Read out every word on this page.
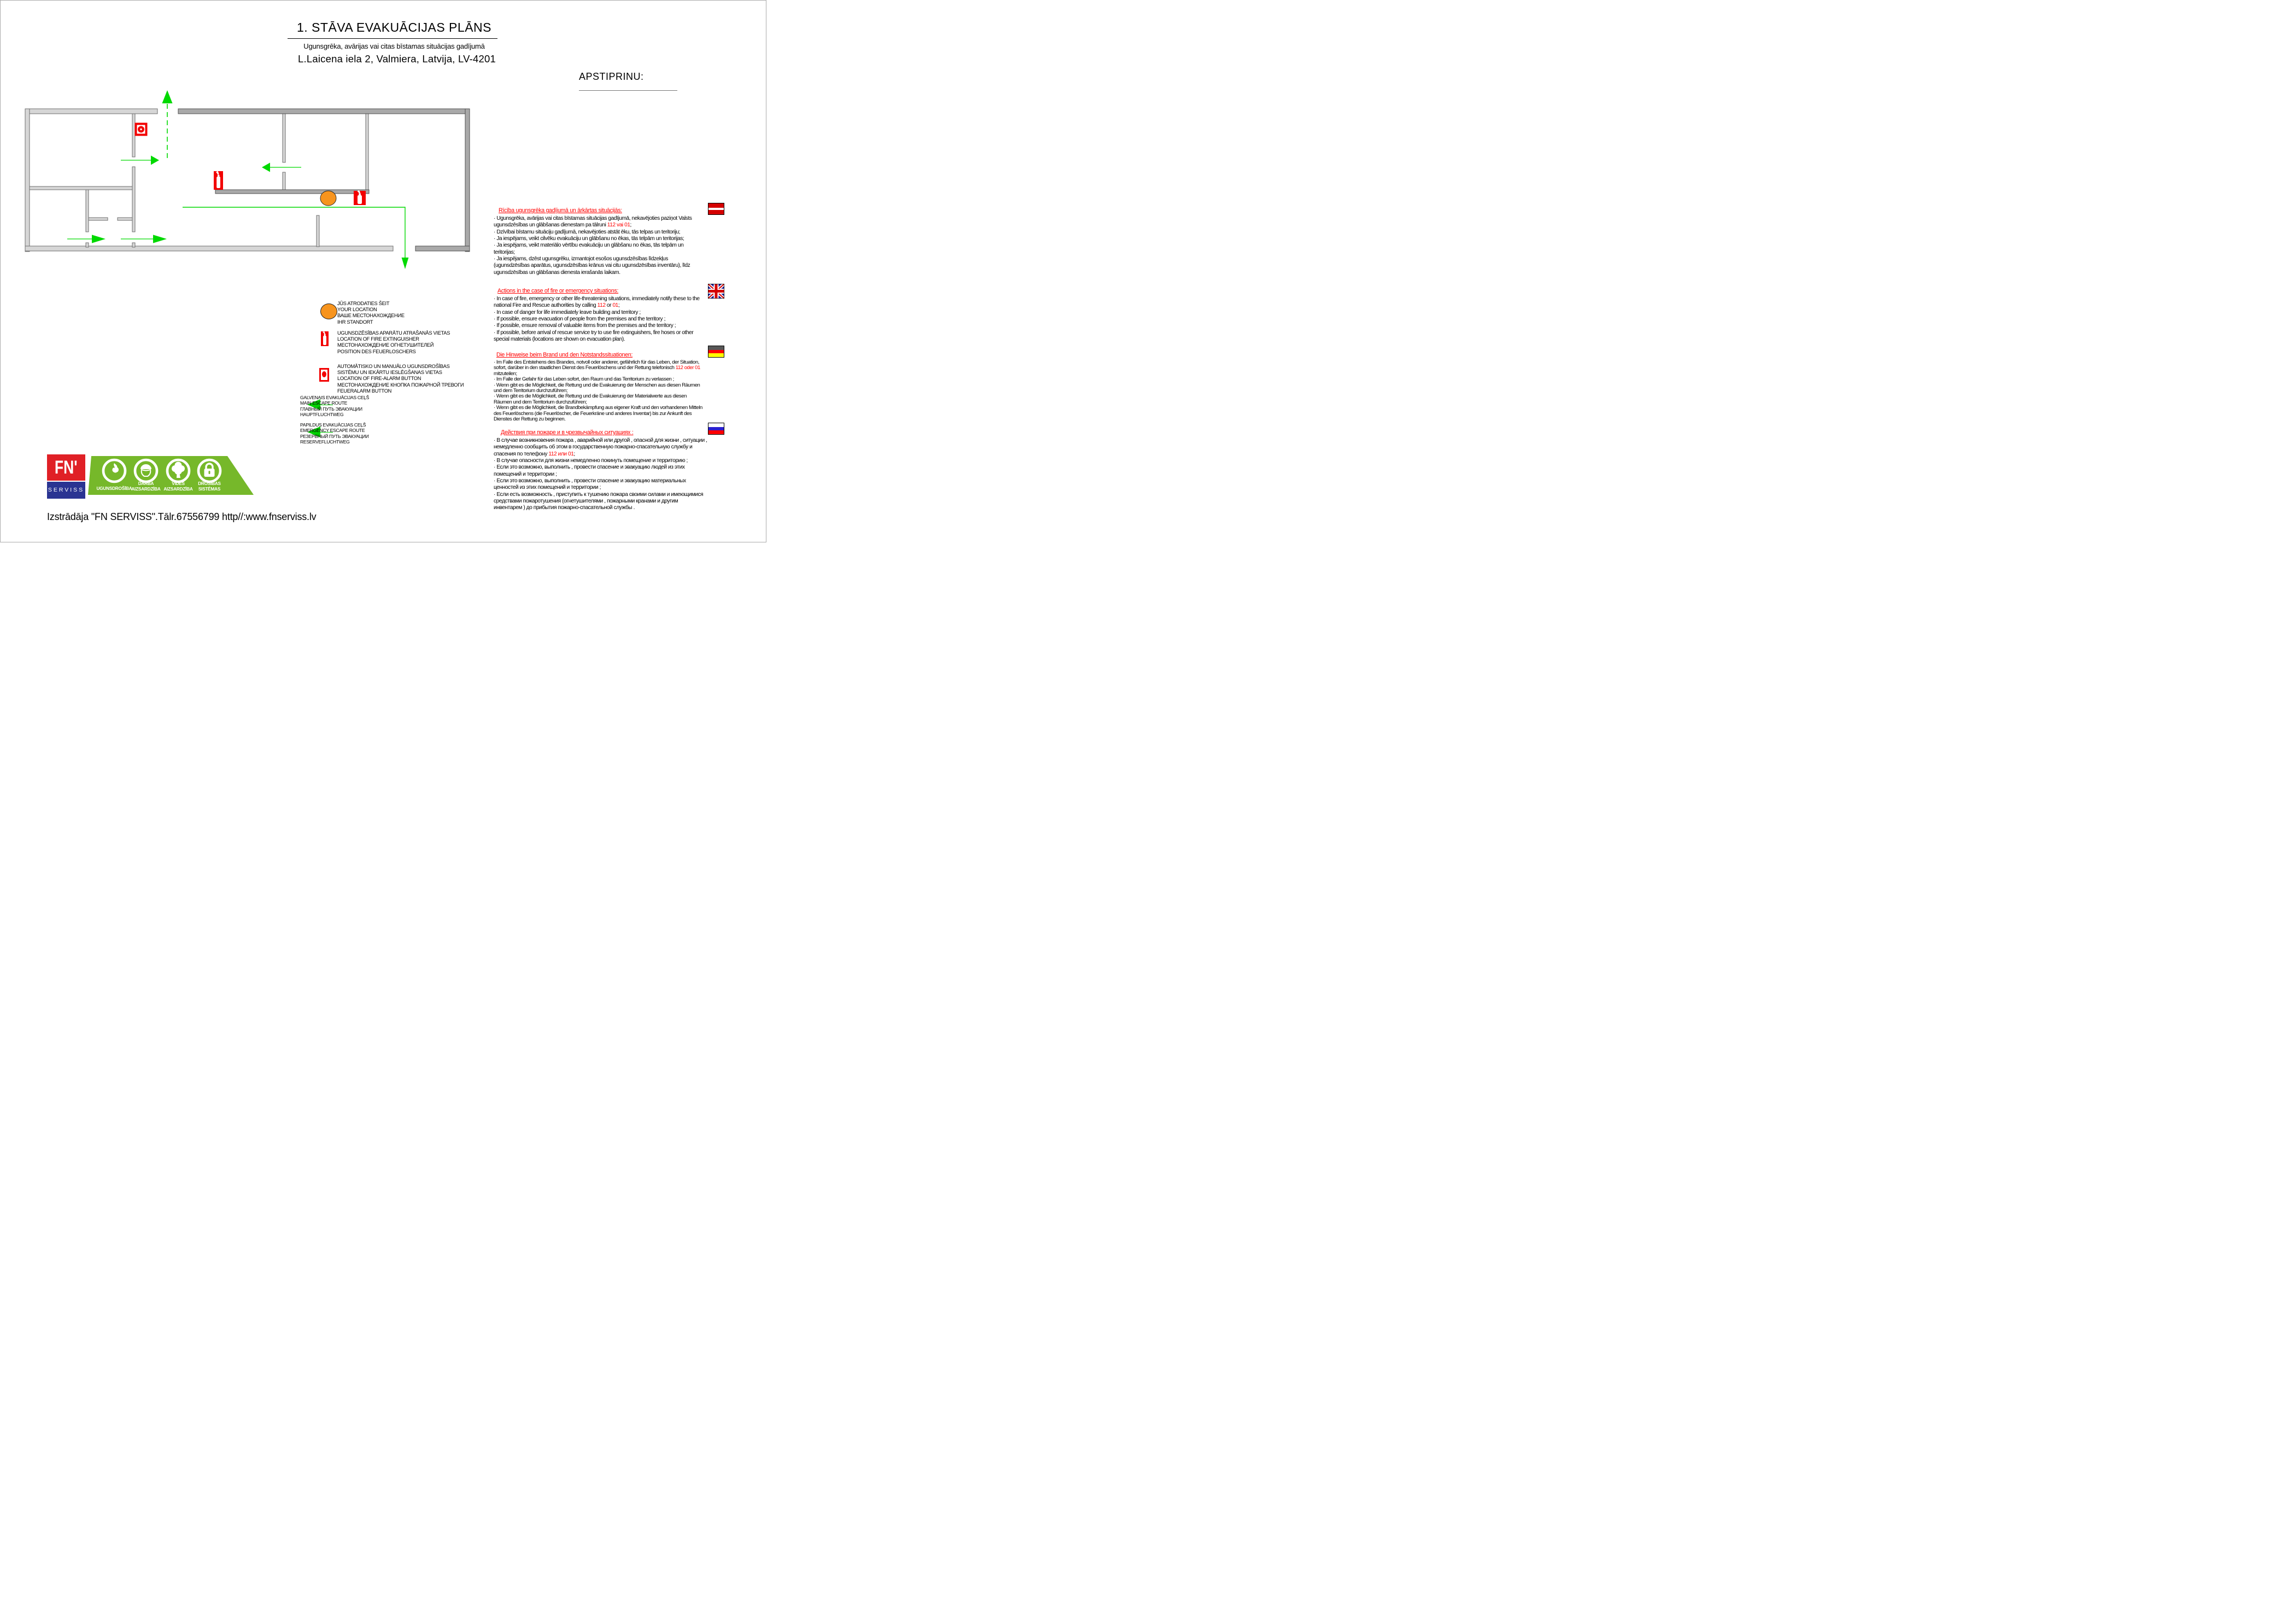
1. STĀVA EVAKUĀCIJAS PLĀNS
Ugunsgrēka, avārijas vai citas bīstamas situācijas gadījumā
L.Laicena iela 2, Valmiera, Latvija, LV-4201
APSTIPRINU:
JŪS ATRODATIES ŠEIT
YOUR LOCATION
ВАШЕ МЕСТОНАХОЖДЕНИЕ
IHR STANDORT
UGUNSDZĒSĪBAS APARĀTU ATRAŠANĀS VIETAS
LOCATION OF FIRE EXTINGUISHER
МЕСТОНАХОЖДЕНИЕ ОГНЕТУШИТЕЛЕЙ
POSITION DES FEUERLOSCHERS
AUTOMĀTISKO UN MANUĀLO UGUNSDROŠĪBAS
SISTĒMU UN IEKĀRTU IESLĒGŠANAS VIETAS
LOCATION OF FIRE-ALARM BUTTON
МЕСТОНАХОЖДЕНИЕ КНОПКА ПОЖАРНОЙ ТРЕВОГИ
FEUERALARM BUTTON
GALVENAIS EVAKUĀCIJAS CEĻŠ
MAIN ESCAPE ROUTE
ГЛАВНЫЙ ПУТЬ ЭВАКУАЦИИ
HAUPTFLUCHTWEG
PAPILDUS EVAKUĀCIJAS CEĻŠ
EMERGENCY ESCAPE ROUTE
РЕЗЕРВНЫЙ ПУТЬ ЭВАКУАЦИИ
RESERVEFLUCHTWEG
Rīcība ugunsgrēka gadījumā un ārkārtas situācijās:
· Ugunsgrēka, avārijas vai citas bīstamas situācijas gadījumā, nekavējoties paziņot Valsts
ugunsdzēsības un glābšanas dienestam pa tālruni 112 vai 01;
· Dzīvībai bīstamu situāciju gadījumā, nekavējoties atstāt ēku, tās telpas un teritoriju;
· Ja iespējams, veikt cilvēku evakuāciju un glābšanu no ēkas, tās telpām un teritorijas;
· Ja iespējams, veikt materiālo vērtību evakuāciju un glābšanu no ēkas, tās telpām un
teritorijas;
· Ja iespējams, dzēst ugunsgrēku, izmantojot esošos ugunsdzēsības līdzekļus
(ugunsdzēsības aparātus, ugunsdzēsības krānus vai citu ugunsdzēsības inventāru), līdz
ugunsdzēsības un glābšanas dienesta ierašanās laikam.
Actions in the case of fire or emergency situations:
· In case of fire, emergency or other life-threatening situations, immediately notify these to the
national Fire and Rescue authorities by calling 112 or 01;
· In case of danger for life immediately leave building and territory ;
· If possible, ensure evacuation of people from the premises and the territory ;
· If possible, ensure removal of valuable items from the premises and the territory ;
· If possible, before arrival of rescue service try to use fire extinguishers, fire hoses or other
special materials (locations are shown on evacuation plan).
Die Hinweise beim Brand und den Notstandssituationen:
· Im Falle des Entstehens des Brandes, notvoll oder anderer, gefährlich für das Leben, der Situation,
sofort, darüber in den staatlichen Dienst des Feuerlöschens und der Rettung telefonisch 112 oder 01
mitzuteilen;
· Im Falle der Gefahr für das Leben sofort, den Raum und das Territorium zu verlassen ;
· Wenn gibt es die Möglichkeit, die Rettung und die Evakuierung der Menschen aus diesen Räumen
und dem Territorium durchzuführen;
· Wenn gibt es die Möglichkeit, die Rettung und die Evakuierung der Materialwerte aus diesen
Räumen und dem Territorium durchzuführen;
· Wenn gibt es die Möglichkeit, die Brandbekämpfung aus eigener Kraft und den vorhandenen Mitteln
des Feuerlöschens (die Feuerlöscher, die Feuerkräne und anderes Inventar) bis zur Ankunft des
Dienstes der Rettung zu beginnen.
Действия при пожаре и в чрезвычайных ситуациях :
· В случае возникновения пожара , аварийной или другой , опасной для жизни , ситуации ,
немедленно сообщить об этом в государственную пожарно-спасательную службу и
спасения по телефону 112 или 01;
· В случае опасности для жизни немедленно покинуть помещение и территорию ;
· Если это возможно, выполнить , провести спасение и эвакуацию людей из этих
помещений и территории ;
· Если это возможно, выполнить , провести спасение и эвакуацию материальных
ценностей из этих помещений и территории ;
· Если есть возможность , приступить к тушению пожара своими силами и имеющимися
средствами пожаротушения (огнетушителями , пожарными кранами и другим
инвентарем ) до прибытия пожарно-спасательной службы .
FN'
SERVISS	UGUNSDROŠĪBA
DARBA
AIZSARDZĪBA
VIDES
AIZSARDZĪBA
DROŠĪBAS
SISTĒMAS
Izstrādāja "FN SERVISS".Tālr.67556799 http//:www.fnserviss.lv
